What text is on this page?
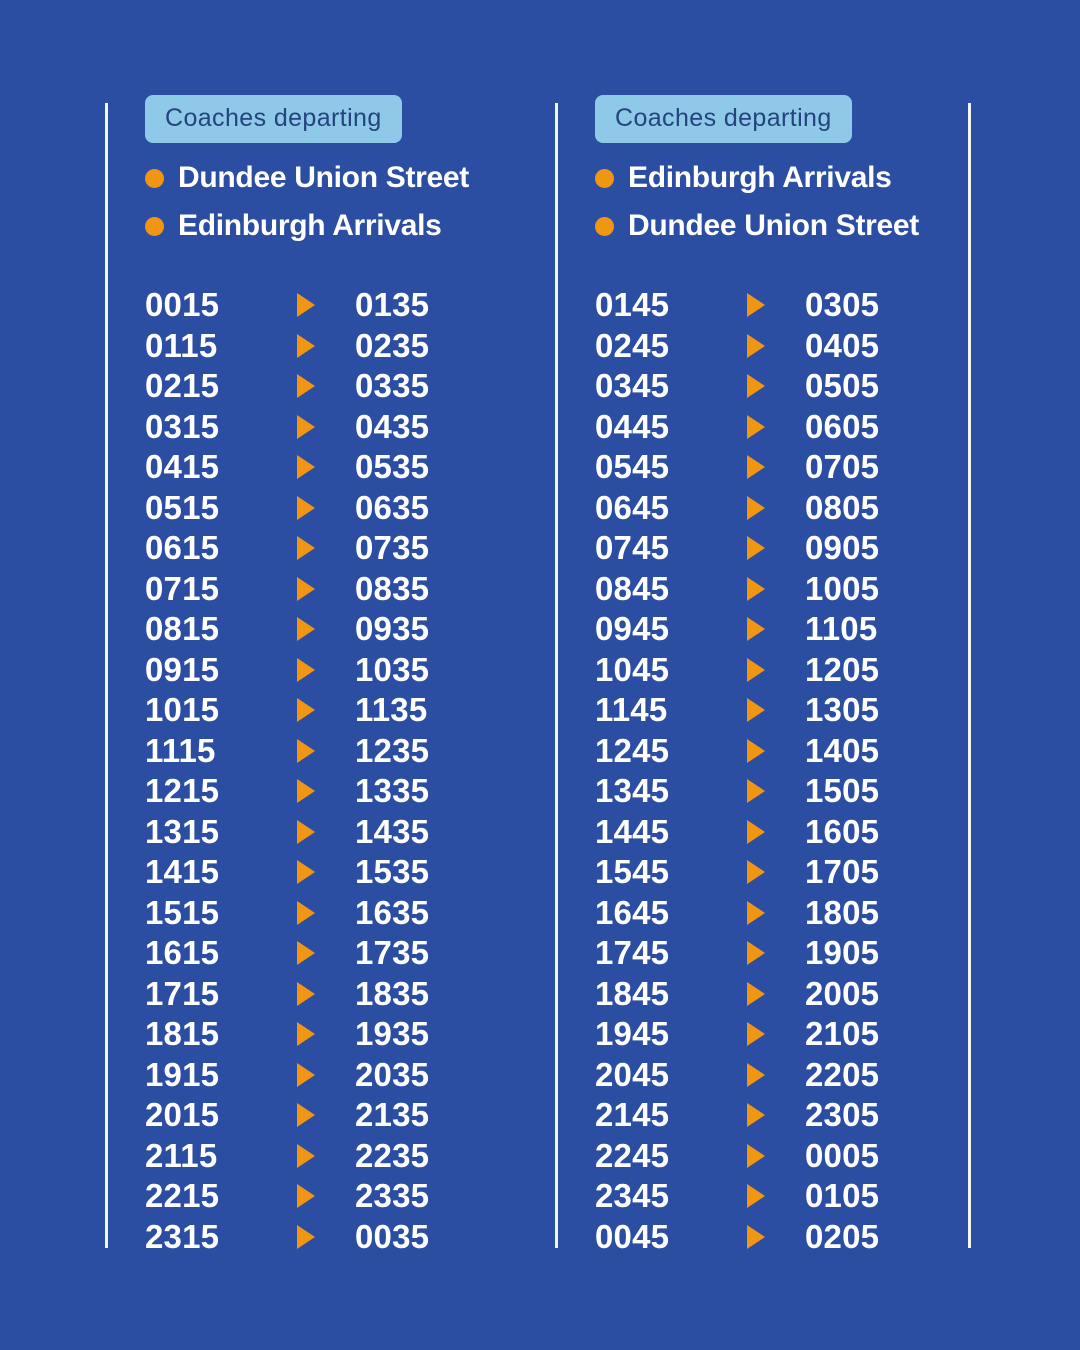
Coaches departing
Dundee Union Street
Edinburgh Arrivals
0015	0135
0115	0235
0215	0335
0315	0435
0415	0535
0515	0635
0615	0735
0715	0835
0815	0935
0915	1035
1015	1135
1115	1235
1215	1335
1315	1435
1415	1535
1515	1635
1615	1735
1715	1835
1815	1935
1915	2035
2015	2135
2115	2235
2215	2335
2315	0035
Coaches departing
Edinburgh Arrivals
Dundee Union Street
0145	0305
0245	0405
0345	0505
0445	0605
0545	0705
0645	0805
0745	0905
0845	1005
0945	1105
1045	1205
1145	1305
1245	1405
1345	1505
1445	1605
1545	1705
1645	1805
1745	1905
1845	2005
1945	2105
2045	2205
2145	2305
2245	0005
2345	0105
0045	0205
